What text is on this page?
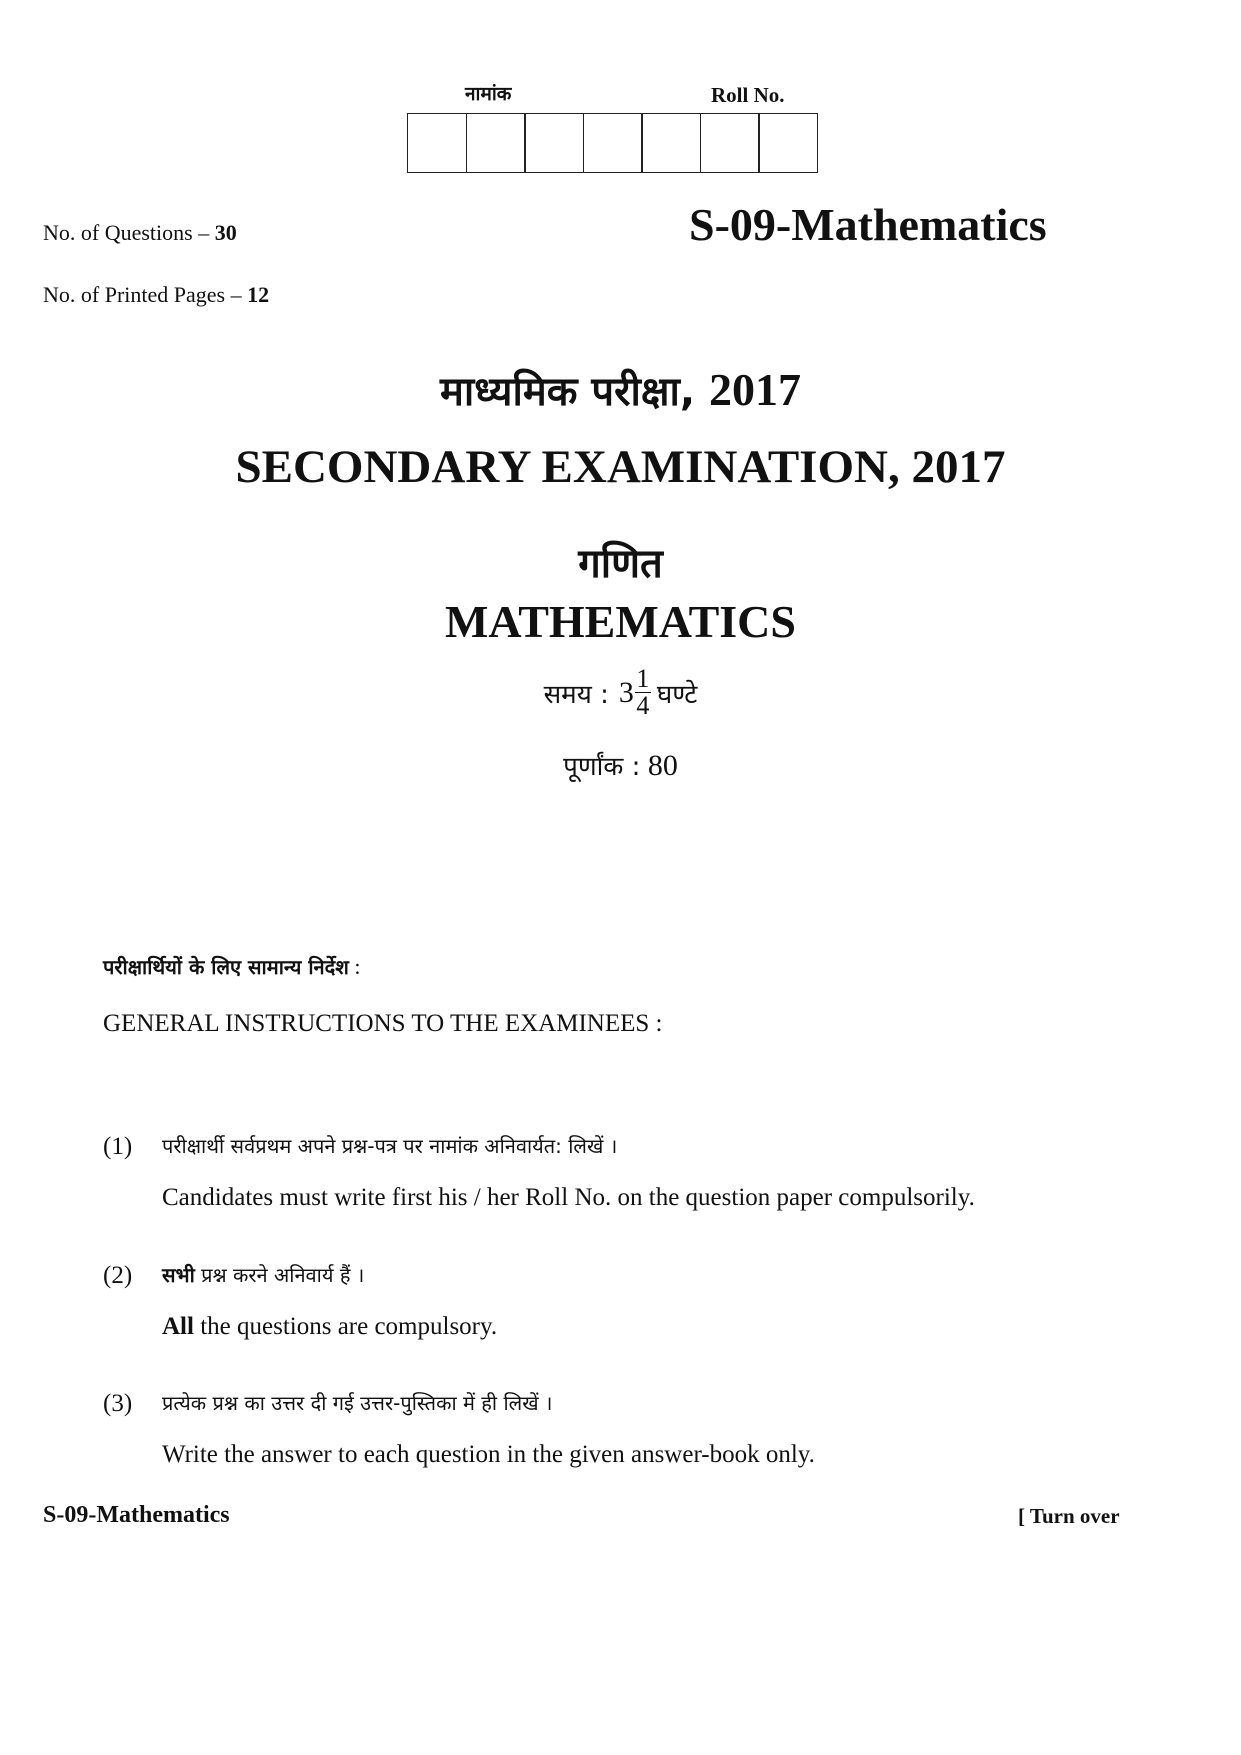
नामांक	Roll No.
No. of Questions – 30
No. of Printed Pages – 12
S-09-Mathematics
माध्यमिक परीक्षा, 2017
SECONDARY EXAMINATION, 2017
गणित
MATHEMATICS
समय : $3 \frac{1}{4}$ घण्टे
पूर्णांक : 80
परीक्षार्थियों के लिए सामान्य निर्देश :
GENERAL INSTRUCTIONS TO THE EXAMINEES :
(1) परीक्षार्थी सर्वप्रथम अपने प्रश्न-पत्र पर नामांक अनिवार्यत: लिखें ।
Candidates must write first his / her Roll No. on the question paper compulsorily.
(2) सभी प्रश्न करने अनिवार्य हैं ।
All the questions are compulsory.
(3) प्रत्येक प्रश्न का उत्तर दी गई उत्तर-पुस्तिका में ही लिखें ।
Write the answer to each question in the given answer-book only.
S-09-Mathematics	[ Turn over
